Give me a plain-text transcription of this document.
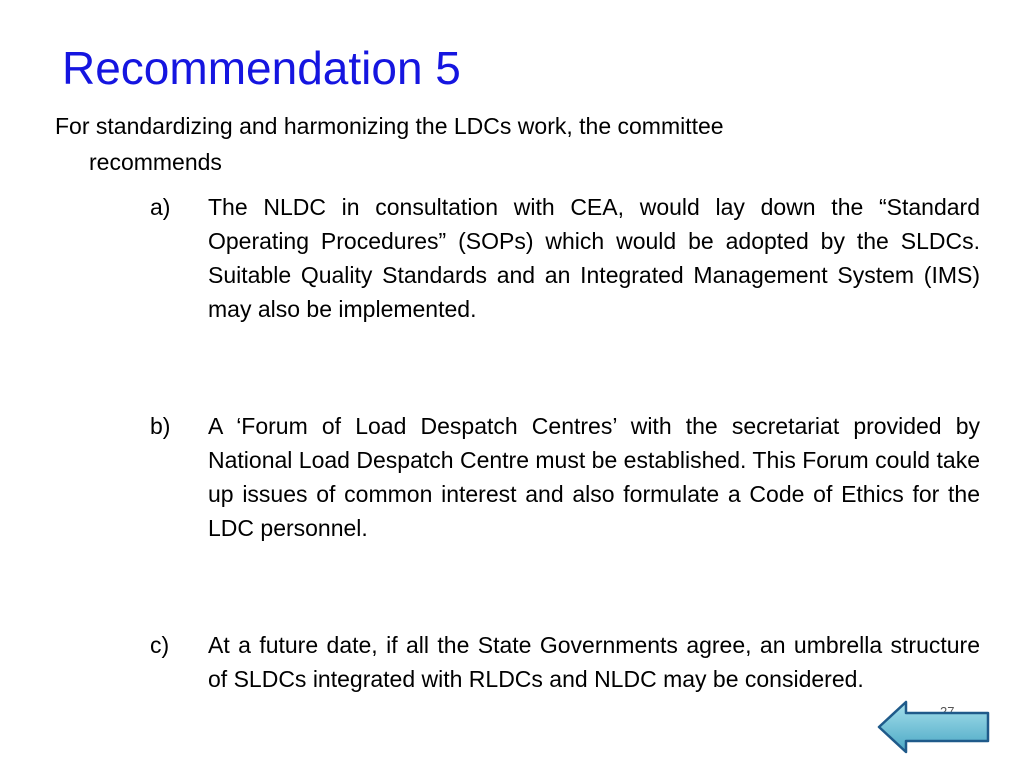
Recommendation 5

For standardizing and harmonizing the LDCs work, the committee
recommends

a)	The NLDC in consultation with CEA, would lay down the “Standard Operating Procedures” (SOPs) which would be adopted by the SLDCs. Suitable Quality Standards and an Integrated Management System (IMS) may also be implemented.
b)	A ‘Forum of Load Despatch Centres’ with the secretariat provided by National Load Despatch Centre must be established. This Forum could take up issues of common interest and also formulate a Code of Ethics for the LDC personnel.
c)	At a future date, if all the State Governments agree, an umbrella structure of SLDCs integrated with RLDCs and NLDC may be considered.
27
